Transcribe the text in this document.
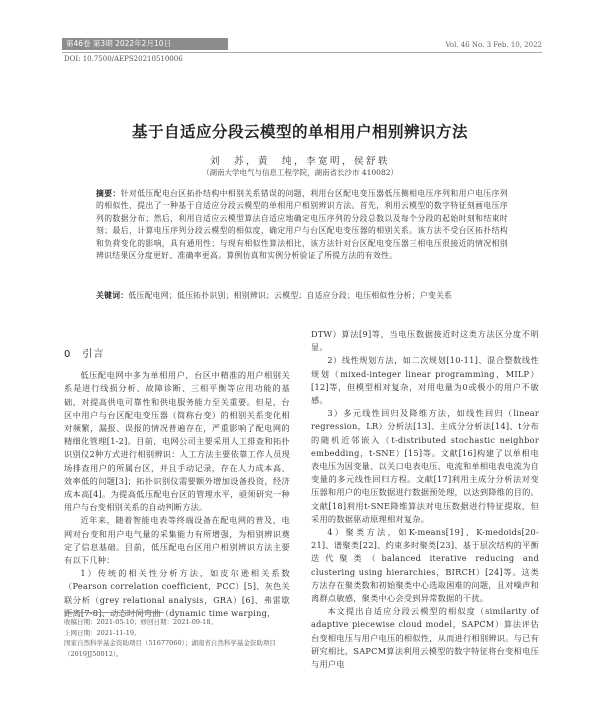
第46卷 第3期 2022年2月10日	Vol. 46 No. 3 Feb. 10, 2022
DOI: 10.7500/AEPS20210510006
基于自适应分段云模型的单相用户相别辨识方法
刘　苏，黄　纯，李宽明，侯舒轶
（湖南大学电气与信息工程学院，湖南省长沙市 410082）
摘要：针对低压配电台区拓扑结构中相别关系错误的问题，利用台区配电变压器低压侧相电压序列和用户电压序列的相似性，提出了一种基于自适应分段云模型的单相用户相别辨识方法。首先，利用云模型的数字特征刻画电压序列的数据分布；然后，利用自适应云模型算法自适应地确定电压序列的分段总数以及每个分段的起始时刻和结束时刻；最后，计算电压序列分段云模型的相似度，确定用户与台区配电变压器的相别关系。该方法不受台区拓扑结构和负荷变化的影响，具有通用性；与现有相似性算法相比，该方法针对台区配电变压器三相电压很接近的情况相别辨识结果区分度更好、准确率更高。算例仿真和实例分析验证了所提方法的有效性。
关键词：低压配电网；低压拓扑识别；相别辨识；云模型；自适应分段；电压相似性分析；户变关系
0　引言

低压配电网中多为单相用户，台区中精准的用户相别关系是进行线损分析、故障诊断、三相平衡等应用功能的基础，对提高供电可靠性和供电服务能力至关重要。但是，台区中用户与台区配电变压器（简称台变）的相别关系变化相对频繁，漏报、误报的情况普遍存在，严重影响了配电网的精细化管理[1-2]。目前，电网公司主要采用人工排查和拓扑识别仪2种方式进行相别辨识：人工方法主要依靠工作人员现场排查用户的所属台区，并且手动记录，存在人力成本高、效率低的问题[3]；拓扑识别仪需要额外增加设备投资，经济成本高[4]。为提高低压配电台区的管理水平，亟须研究一种用户与台变相别关系的自动判断方法。

近年来，随着智能电表等终端设备在配电网的普及，电网对台变和用户电气量的采集能力有所增强，为相别辨识奠定了信息基础。目前，低压配电台区用户相别辨识方法主要有以下几种：

1）传统的相关性分析方法，如皮尔逊相关系数（Pearson correlation coefficient，PCC）[5]、灰色关联分析（grey relational analysis，GRA）[6]、弗雷歇距离[7-8]、动态时间弯曲（dynamic time warping，

DTW）算法[9]等，当电压数据接近时这类方法区分度不明显。

2）线性规划方法，如二次规划[10-11]、混合整数线性规划（mixed-integer linear programming，MILP）[12]等，但模型相对复杂，对用电量为0或极小的用户不敏感。

3）多元线性回归及降维方法，如线性回归（linear regression，LR）分析法[13]、主成分分析法[14]、t分布的随机近邻嵌入（t-distributed stochastic neighbor embedding，t-SNE）[15]等。文献[16]构建了以单相电表电压为因变量、以关口电表电压、电流和单相电表电流为自变量的多元线性回归方程。文献[17]利用主成分分析法对变压器和用户的电压数据进行数据预处理，以达到降维的目的。文献[18]利用t-SNE降维算法对电压数据进行特征提取，但采用的数据驱动原理相对复杂。

4）聚类方法，如K-means[19]、K-medoids[20-21]、谱聚类[22]、约束多时聚类[23]、基于层次结构的平衡迭代聚类（balanced iterative reducing and clustering using hierarchies，BIRCH）[24]等。这类方法存在聚类数和初始聚类中心选取困难的问题，且对噪声和离群点敏感，聚类中心会受到异常数据的干扰。

本文提出自适应分段云模型的相似度（similarity of adaptive piecewise cloud model，SAPCM）算法评估台变相电压与用户电压的相似性，从而进行相别辨识。与已有研究相比，SAPCM算法利用云模型的数字特征将台变相电压与用户电

收稿日期：2021-05-10；修回日期：2021-09-18。
上网日期：2021-11-19。
国家自然科学基金资助项目（51677060）；湖南省自然科学基金资助项目（2019JJ50012）。
